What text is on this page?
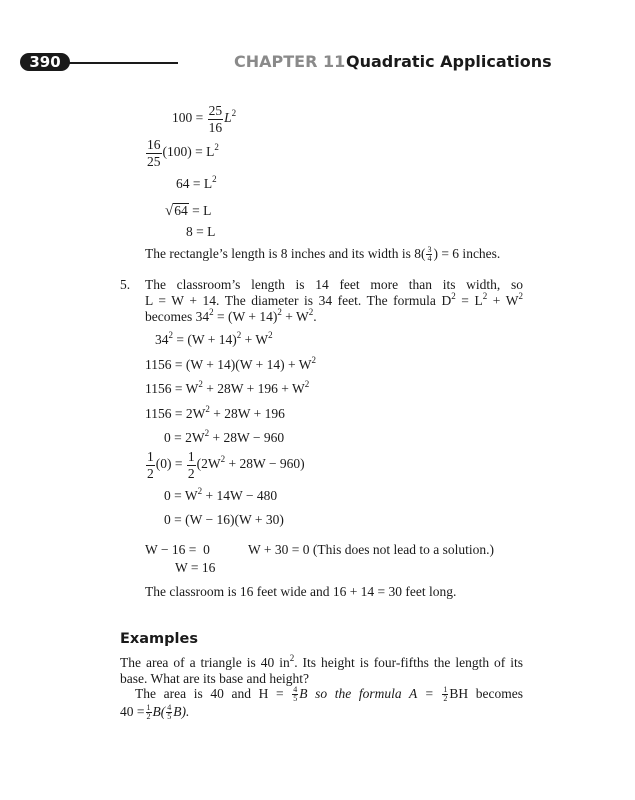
390	CHAPTER 11 Quadratic Applications
$100 = \frac{25}{16} L^2$
$\frac{16}{25} (100) = L^2$
$64 = L^2$
√64 = L
8 = L
The rectangle’s length is 8 inches and its width is $8( \frac{3}{4}$ ) = 6 inches.
5. The classroom’s length is 14 feet more than its width, so
L = W + 14. The diameter is 34 feet. The formula $D^2 = L^2 + W^2$
becomes $34^2 = (W + 14)^2 + W^2$.
$34^2 = (W + 14)^2 + W^2$
$1156 = (W + 14)(W + 14) + W^2$
$1156 = W^2 + 28W + 196 + W^2$
$1156 = 2W^2 + 28W + 196$
$0 = 2W^2 + 28W - 960$
$\frac{1}{2} (0) = \frac{1}{2} (2W^2 + 28W - 960)$
$0 = W^2 + 14W - 480$
0 = (W − 16)(W + 30)
W − 16 =  0	W + 30 = 0 (This does not lead to a solution.)
W = 16
The classroom is 16 feet wide and 16 + 14 = 30 feet long.
Examples
The area of a triangle is 40 $in^2$. Its height is four-fifths the length of its
base. What are its base and height?
The area is 40 and $H = \frac{4}{5}$ B so the formula $A = \frac{1}{2}$ BH becomes
$40 = \frac{1}{2} B( \frac{4}{5} B)$.
